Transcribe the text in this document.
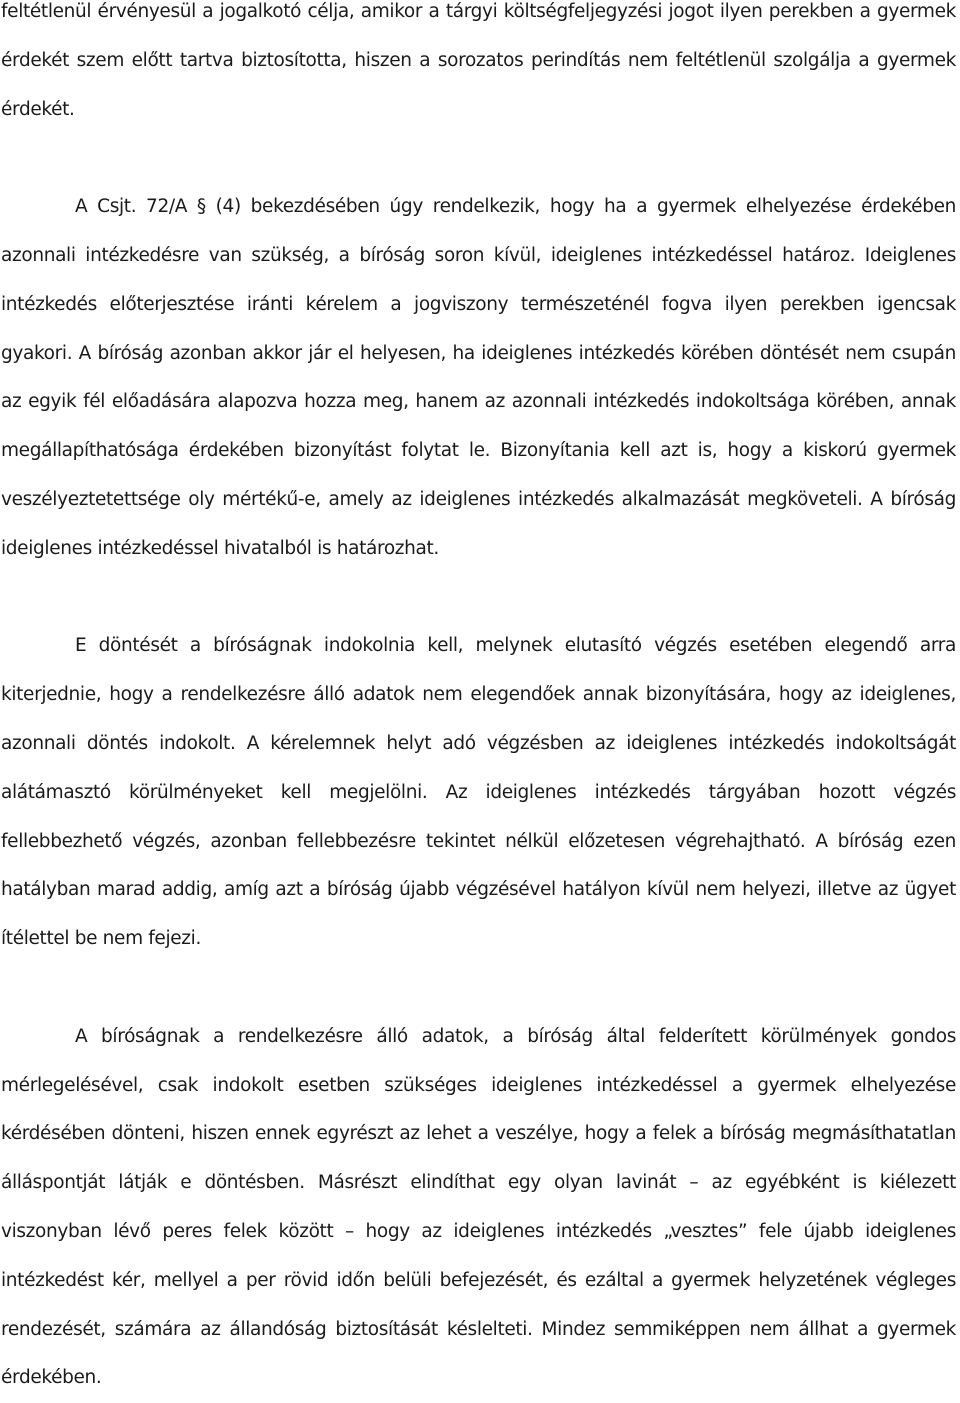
feltétlenül érvényesül a jogalkotó célja, amikor a tárgyi költségfeljegyzési jogot ilyen perekben a gyermek érdekét szem előtt tartva biztosította, hiszen a sorozatos perindítás nem feltétlenül szolgálja a gyermek érdekét.

A Csjt. 72/A § (4) bekezdésében úgy rendelkezik, hogy ha a gyermek elhelyezése érdekében azonnali intézkedésre van szükség, a bíróság soron kívül, ideiglenes intézkedéssel határoz. Ideiglenes intézkedés előterjesztése iránti kérelem a jogviszony természeténél fogva ilyen perekben igencsak gyakori. A bíróság azonban akkor jár el helyesen, ha ideiglenes intézkedés körében döntését nem csupán az egyik fél előadására alapozva hozza meg, hanem az azonnali intézkedés indokoltsága körében, annak megállapíthatósága érdekében bizonyítást folytat le. Bizonyítania kell azt is, hogy a kiskorú gyermek veszélyeztetettsége oly mértékű-e, amely az ideiglenes intézkedés alkalmazását megköveteli. A bíróság ideiglenes intézkedéssel hivatalból is határozhat.

E döntését a bíróságnak indokolnia kell, melynek elutasító végzés esetében elegendő arra kiterjednie, hogy a rendelkezésre álló adatok nem elegendőek annak bizonyítására, hogy az ideiglenes, azonnali döntés indokolt. A kérelemnek helyt adó végzésben az ideiglenes intézkedés indokoltságát alátámasztó körülményeket kell megjelölni. Az ideiglenes intézkedés tárgyában hozott végzés fellebbezhető végzés, azonban fellebbezésre tekintet nélkül előzetesen végrehajtható. A bíróság ezen hatályban marad addig, amíg azt a bíróság újabb végzésével hatályon kívül nem helyezi, illetve az ügyet ítélettel be nem fejezi.

A bíróságnak a rendelkezésre álló adatok, a bíróság által felderített körülmények gondos mérlegelésével, csak indokolt esetben szükséges ideiglenes intézkedéssel a gyermek elhelyezése kérdésében dönteni, hiszen ennek egyrészt az lehet a veszélye, hogy a felek a bíróság megmásíthatatlan álláspontját látják e döntésben. Másrészt elindíthat egy olyan lavinát – az egyébként is kiélezett viszonyban lévő peres felek között – hogy az ideiglenes intézkedés „vesztes” fele újabb ideiglenes intézkedést kér, mellyel a per rövid időn belüli befejezését, és ezáltal a gyermek helyzetének végleges rendezését, számára az állandóság biztosítását késlelteti. Mindez semmiképpen nem állhat a gyermek érdekében.
